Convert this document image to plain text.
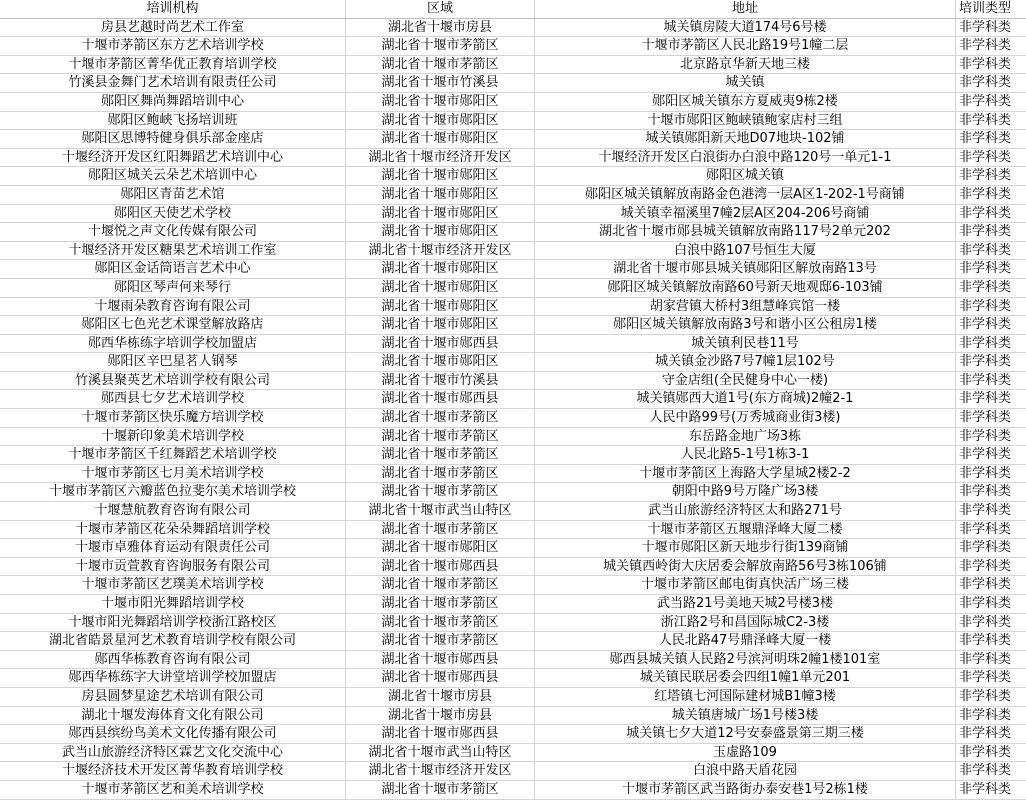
培训机构	区域	地址	培训类型
房县艺越时尚艺术工作室	湖北省十堰市房县	城关镇房陵大道174号6号楼	非学科类
十堰市茅箭区东方艺术培训学校	湖北省十堰市茅箭区	十堰市茅箭区人民北路19号1幢二层	非学科类
十堰市茅箭区菁华优正教育培训学校	湖北省十堰市茅箭区	北京路京华新天地三楼	非学科类
竹溪县金舞门艺术培训有限责任公司	湖北省十堰市竹溪县	城关镇	非学科类
郧阳区舞尚舞蹈培训中心	湖北省十堰市郧阳区	郧阳区城关镇东方夏威夷9栋2楼	非学科类
郧阳区鲍峡飞扬培训班	湖北省十堰市郧阳区	十堰市郧阳区鲍峡镇鲍家店村三组	非学科类
郧阳区思博特健身俱乐部金座店	湖北省十堰市郧阳区	城关镇郧阳新天地D07地块-102铺	非学科类
十堰经济开发区红阳舞蹈艺术培训中心	湖北省十堰市经济开发区	十堰经济开发区白浪街办白浪中路120号一单元1-1	非学科类
郧阳区城关云朵艺术培训中心	湖北省十堰市郧阳区	郧阳区城关镇	非学科类
郧阳区青苗艺术馆	湖北省十堰市郧阳区	郧阳区城关镇解放南路金色港湾一层A区1-202-1号商铺	非学科类
郧阳区天使艺术学校	湖北省十堰市郧阳区	城关镇幸福溪里7幢2层A区204-206号商铺	非学科类
十堰悦之声文化传媒有限公司	湖北省十堰市郧阳区	湖北省十堰市郧县城关镇解放南路117号2单元202	非学科类
十堰经济开发区糖果艺术培训工作室	湖北省十堰市经济开发区	白浪中路107号恒生大厦	非学科类
郧阳区金话筒语言艺术中心	湖北省十堰市郧阳区	湖北省十堰市郧县城关镇郧阳区解放南路13号	非学科类
郧阳区琴声何来琴行	湖北省十堰市郧阳区	郧阳区城关镇解放南路60号新天地观邸6-103铺	非学科类
十堰雨朵教育咨询有限公司	湖北省十堰市郧阳区	胡家营镇大桥村3组慧峰宾馆一楼	非学科类
郧阳区七色光艺术课堂解放路店	湖北省十堰市郧阳区	郧阳区城关镇解放南路3号和谐小区公租房1楼	非学科类
郧西华栋练字培训学校加盟店	湖北省十堰市郧西县	城关镇利民巷11号	非学科类
郧阳区辛巴星茗人钢琴	湖北省十堰市郧阳区	城关镇金沙路7号7幢1层102号	非学科类
竹溪县聚英艺术培训学校有限公司	湖北省十堰市竹溪县	守金店组(全民健身中心一楼)	非学科类
郧西县七夕艺术培训学校	湖北省十堰市郧西县	城关镇郧西大道1号(东方商城)2幢2-1	非学科类
十堰市茅箭区快乐魔方培训学校	湖北省十堰市茅箭区	人民中路99号(万秀城商业街3楼)	非学科类
十堰新印象美术培训学校	湖北省十堰市茅箭区	东岳路金地广场3栋	非学科类
十堰市茅箭区千红舞蹈艺术培训学校	湖北省十堰市茅箭区	人民北路5-1号1栋3-1	非学科类
十堰市茅箭区七月美术培训学校	湖北省十堰市茅箭区	十堰市茅箭区上海路大学星城2楼2-2	非学科类
十堰市茅箭区六瓣蓝色拉斐尔美术培训学校	湖北省十堰市茅箭区	朝阳中路9号万隆广场3楼	非学科类
十堰慧航教育咨询有限公司	湖北省十堰市武当山特区	武当山旅游经济特区太和路271号	非学科类
十堰市茅箭区花朵朵舞蹈培训学校	湖北省十堰市茅箭区	十堰市茅箭区五堰鼎泽峰大厦二楼	非学科类
十堰市卓雅体育运动有限责任公司	湖北省十堰市郧阳区	十堰市郧阳区新天地步行街139商铺	非学科类
十堰市贡萱教育咨询服务有限公司	湖北省十堰市郧西县	城关镇西岭街大庆居委会解放南路56号3栋106铺	非学科类
十堰市茅箭区艺璞美术培训学校	湖北省十堰市茅箭区	十堰市茅箭区邮电街真快活广场三楼	非学科类
十堰市阳光舞蹈培训学校	湖北省十堰市茅箭区	武当路21号美地天城2号楼3楼	非学科类
十堰市阳光舞蹈培训学校浙江路校区	湖北省十堰市茅箭区	浙江路2号和昌国际城C2-3楼	非学科类
湖北省皓景星河艺术教育培训学校有限公司	湖北省十堰市茅箭区	人民北路47号鼎泽峰大厦一楼	非学科类
郧西华栋教育咨询有限公司	湖北省十堰市郧西县	郧西县城关镇人民路2号滨河明珠2幢1楼101室	非学科类
郧西华栋练字大讲堂培训学校加盟店	湖北省十堰市郧西县	城关镇民联居委会四组1幢1单元201	非学科类
房县圆梦星途艺术培训有限公司	湖北省十堰市房县	红塔镇七河国际建材城B1幢3楼	非学科类
湖北十堰发海体育文化有限公司	湖北省十堰市房县	城关镇唐城广场1号楼3楼	非学科类
郧西县缤纷鸟美术文化传播有限公司	湖北省十堰市郧西县	城关镇七夕大道12号安泰盛景第三期三楼	非学科类
武当山旅游经济特区霖艺文化交流中心	湖北省十堰市武当山特区	玉虚路109	非学科类
十堰经济技术开发区菁华教育培训学校	湖北省十堰市经济开发区	白浪中路天盾花园	非学科类
十堰市茅箭区艺和美术培训学校	湖北省十堰市茅箭区	十堰市茅箭区武当路街办泰安巷1号2栋1楼	非学科类
